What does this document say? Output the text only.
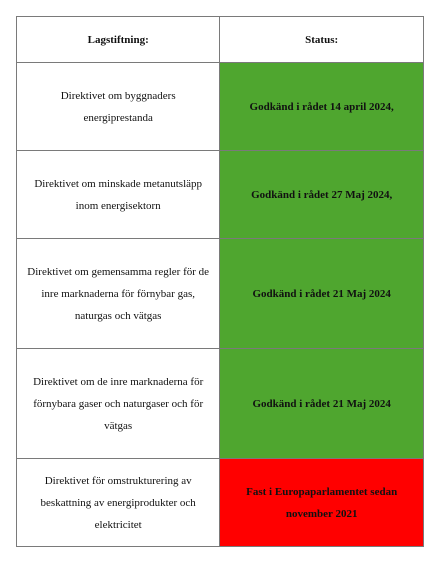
Lagstiftning:	Status:
Direktivet om byggnaders energiprestanda	Godkänd i rådet 14 april 2024,
Direktivet om minskade metanutsläpp inom energisektorn	Godkänd i rådet 27 Maj 2024,
Direktivet om gemensamma regler för de inre marknaderna för förnybar gas, naturgas och vätgas	Godkänd i rådet 21 Maj 2024
Direktivet om de inre marknaderna för förnybara gaser och naturgaser och för vätgas	Godkänd i rådet 21 Maj 2024
Direktivet för omstrukturering av beskattning av energiprodukter och elektricitet	Fast i Europaparlamentet sedan november 2021
